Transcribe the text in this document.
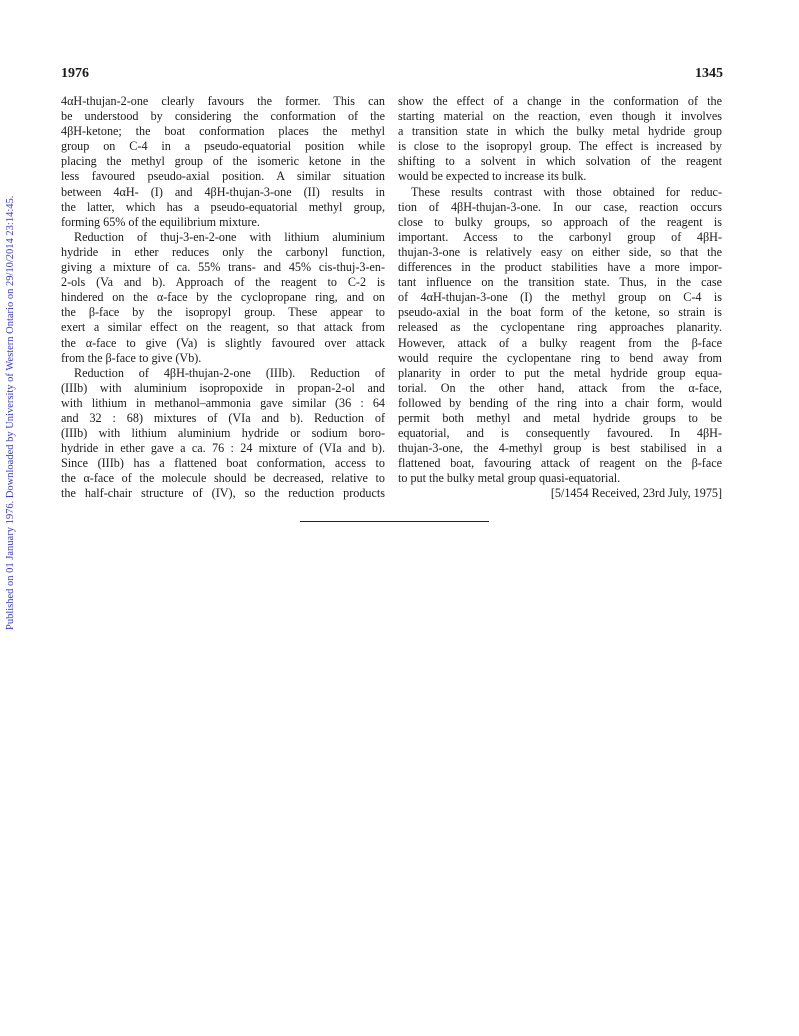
Published on 01 January 1976. Downloaded by University of Western Ontario on 29/10/2014 23:14:45.
1976	1345
4αH-thujan-2-one clearly favours the former. This can
be understood by considering the conformation of the
4βH-ketone; the boat conformation places the methyl
group on C-4 in a pseudo-equatorial position while
placing the methyl group of the isomeric ketone in the
less favoured pseudo-axial position. A similar situation
between 4αH- (I) and 4βH-thujan-3-one (II) results in
the latter, which has a pseudo-equatorial methyl group,
forming 65% of the equilibrium mixture.
Reduction of thuj-3-en-2-one with lithium aluminium
hydride in ether reduces only the carbonyl function,
giving a mixture of ca. 55% trans- and 45% cis-thuj-3-en-
2-ols (Va and b). Approach of the reagent to C-2 is
hindered on the α-face by the cyclopropane ring, and on
the β-face by the isopropyl group. These appear to
exert a similar effect on the reagent, so that attack from
the α-face to give (Va) is slightly favoured over attack
from the β-face to give (Vb).
Reduction of 4βH-thujan-2-one (IIIb). Reduction of
(IIIb) with aluminium isopropoxide in propan-2-ol and
with lithium in methanol–ammonia gave similar (36 : 64
and 32 : 68) mixtures of (VIa and b). Reduction of
(IIIb) with lithium aluminium hydride or sodium boro-
hydride in ether gave a ca. 76 : 24 mixture of (VIa and b).
Since (IIIb) has a flattened boat conformation, access to
the α-face of the molecule should be decreased, relative to
the half-chair structure of (IV), so the reduction products
show the effect of a change in the conformation of the
starting material on the reaction, even though it involves
a transition state in which the bulky metal hydride group
is close to the isopropyl group. The effect is increased by
shifting to a solvent in which solvation of the reagent
would be expected to increase its bulk.
These results contrast with those obtained for reduc-
tion of 4βH-thujan-3-one. In our case, reaction occurs
close to bulky groups, so approach of the reagent is
important. Access to the carbonyl group of 4βH-
thujan-3-one is relatively easy on either side, so that the
differences in the product stabilities have a more impor-
tant influence on the transition state. Thus, in the case
of 4αH-thujan-3-one (I) the methyl group on C-4 is
pseudo-axial in the boat form of the ketone, so strain is
released as the cyclopentane ring approaches planarity.
However, attack of a bulky reagent from the β-face
would require the cyclopentane ring to bend away from
planarity in order to put the metal hydride group equa-
torial. On the other hand, attack from the α-face,
followed by bending of the ring into a chair form, would
permit both methyl and metal hydride groups to be
equatorial, and is consequently favoured. In 4βH-
thujan-3-one, the 4-methyl group is best stabilised in a
flattened boat, favouring attack of reagent on the β-face
to put the bulky metal group quasi-equatorial.
[5/1454 Received, 23rd July, 1975]
